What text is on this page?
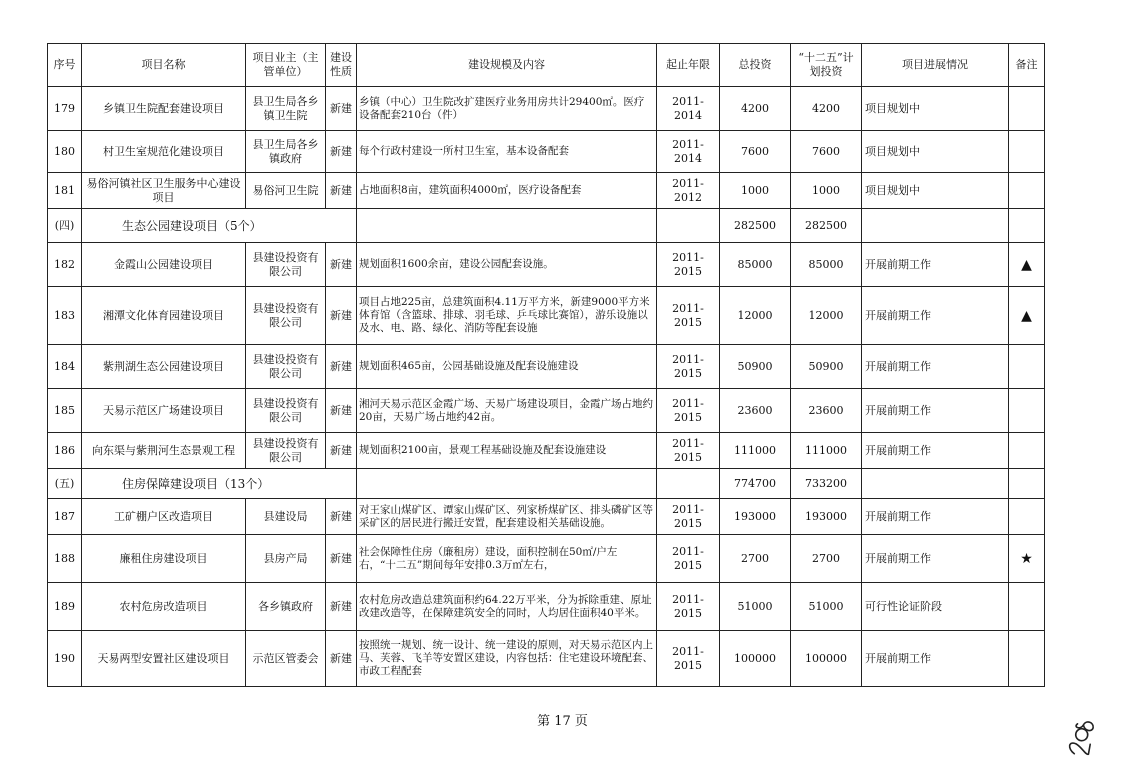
序号	项目名称	项目业主（主管单位）	建设性质	建设规模及内容	起止年限	总投资	“十二五”计划投资	项目进展情况	备注
179	乡镇卫生院配套建设项目	县卫生局各乡镇卫生院	新建	乡镇（中心）卫生院改扩建医疗业务用房共计29400㎡。医疗设备配套210台（件）	2011-2014	4200	4200	项目规划中	
180	村卫生室规范化建设项目	县卫生局各乡镇政府	新建	每个行政村建设一所村卫生室，基本设备配套	2011-2014	7600	7600	项目规划中	
181	易俗河镇社区卫生服务中心建设项目	易俗河卫生院	新建	占地面积8亩，建筑面积4000㎡，医疗设备配套	2011-2012	1000	1000	项目规划中	
(四)	生态公园建设项目（5个）					282500	282500		
182	金霞山公园建设项目	县建设投资有限公司	新建	规划面积1600余亩，建设公园配套设施。	2011-2015	85000	85000	开展前期工作	▲
183	湘潭文化体育园建设项目	县建设投资有限公司	新建	项目占地225亩，总建筑面积4.11万平方米，新建9000平方米体育馆（含篮球、排球、羽毛球、乒乓球比赛馆），游乐设施以及水、电、路、绿化、消防等配套设施	2011-2015	12000	12000	开展前期工作	▲
184	紫荆湖生态公园建设项目	县建设投资有限公司	新建	规划面积465亩，公园基础设施及配套设施建设	2011-2015	50900	50900	开展前期工作	
185	天易示范区广场建设项目	县建设投资有限公司	新建	湘河天易示范区金霞广场、天易广场建设项目，金霞广场占地约20亩，天易广场占地约42亩。	2011-2015	23600	23600	开展前期工作	
186	向东渠与紫荆河生态景观工程	县建设投资有限公司	新建	规划面积2100亩，景观工程基础设施及配套设施建设	2011-2015	111000	111000	开展前期工作	
(五)	住房保障建设项目（13个）					774700	733200		
187	工矿棚户区改造项目	县建设局	新建	对王家山煤矿区、谭家山煤矿区、列家桥煤矿区、排头磷矿区等采矿区的居民进行搬迁安置，配套建设相关基础设施。	2011-2015	193000	193000	开展前期工作	
188	廉租住房建设项目	县房产局	新建	社会保障性住房（廉租房）建设，面积控制在50㎡/户左右，“十二五”期间每年安排0.3万㎡左右，	2011-2015	2700	2700	开展前期工作	★
189	农村危房改造项目	各乡镇政府	新建	农村危房改造总建筑面积约64.22万平米，分为拆除重建、原址改建改造等，在保障建筑安全的同时，人均居住面积40平米。	2011-2015	51000	51000	可行性论证阶段	
190	天易两型安置社区建设项目	示范区管委会	新建	按照统一规划、统一设计、统一建设的原则，对天易示范区内上马、芙蓉、飞羊等安置区建设，内容包括：住宅建设环境配套、市政工程配套	2011-2015	100000	100000	开展前期工作	
第 17 页
